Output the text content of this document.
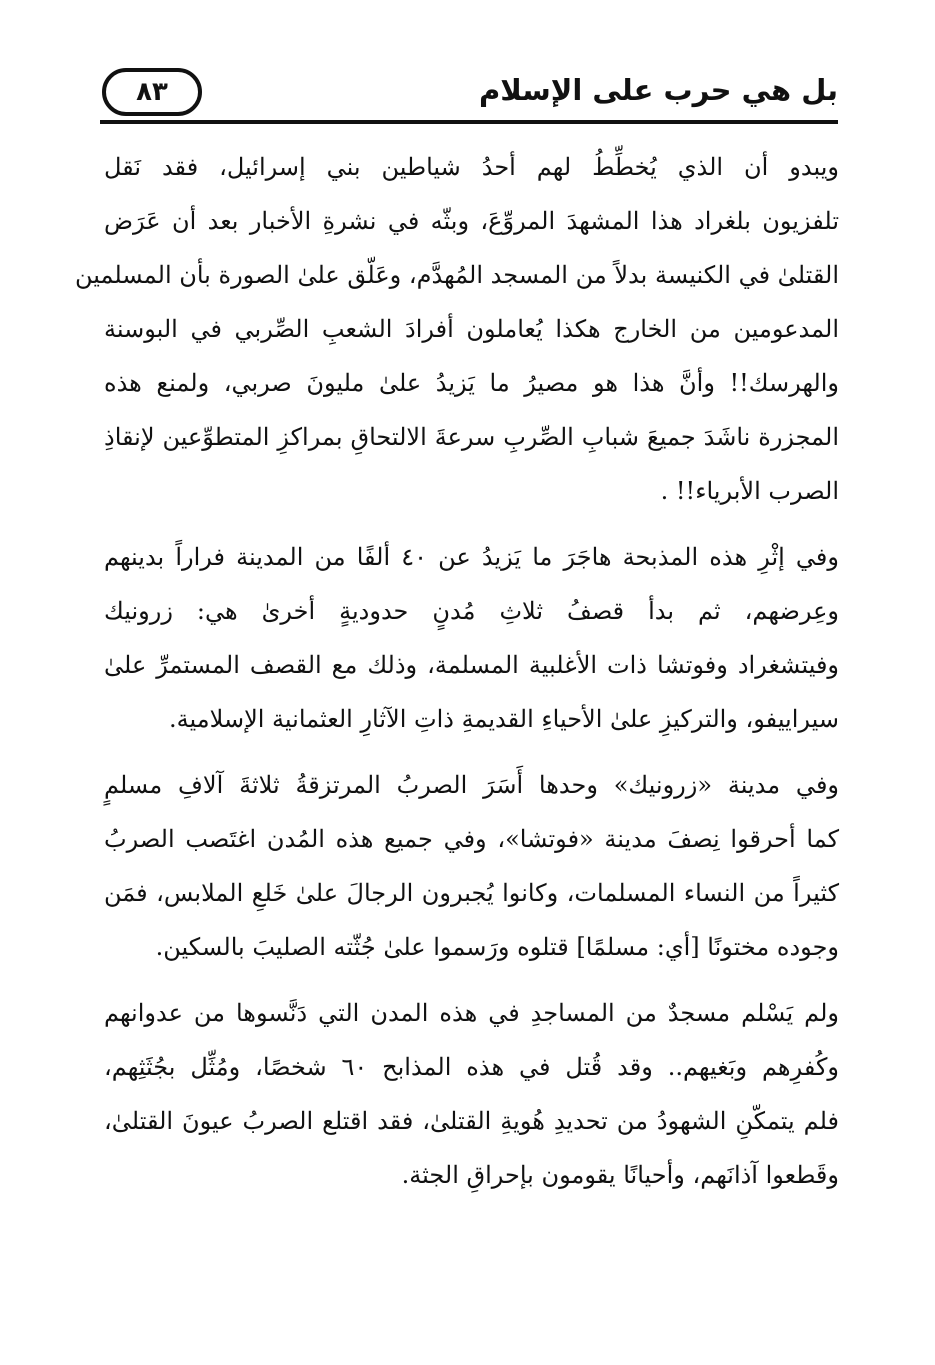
بل هي حرب على الإسلام
٨٣
ويبدو أن الذي يُخطِّطُ لهم أحدُ شياطين بني إسرائيل، فقد نَقل
تلفزيون بلغراد هذا المشهدَ المروِّعَ، وبثّه في نشرةِ الأخبار بعد أن عَرَض
القتلىٰ في الكنيسة بدلاً من المسجد المُهدَّم، وعَلّق علىٰ الصورة بأن المسلمين
المدعومين من الخارج هكذا يُعاملون أفرادَ الشعبِ الصِّربي في البوسنة
والهرسك!! وأنَّ هذا هو مصيرُ ما يَزيدُ علىٰ مليونَ صربي، ولمنع هذه
المجزرة ناشَدَ جميعَ شبابِ الصِّربِ سرعةَ الالتحاقِ بمراكزِ المتطوِّعين لإنقاذِ
الصرب الأبرياء!! .
وفي إثْرِ هذه المذبحة هاجَرَ ما يَزيدُ عن ٤٠ ألفًا من المدينة فراراً بدينهم
وعِرضهم، ثم بدأ قصفُ ثلاثِ مُدنٍ حدوديةٍ أخرىٰ هي: زرونيك
وفيتشغراد وفوتشا ذات الأغلبية المسلمة، وذلك مع القصف المستمرِّ علىٰ
سيراييفو، والتركيزِ علىٰ الأحياءِ القديمةِ ذاتِ الآثارِ العثمانية الإسلامية.
وفي مدينة «زرونيك» وحدها أَسَرَ الصربُ المرتزقةُ ثلاثةَ آلافِ مسلمٍ
كما أحرقوا نِصفَ مدينة «فوتشا»، وفي جميع هذه المُدن اغتَصب الصربُ
كثيراً من النساء المسلمات، وكانوا يُجبرون الرجالَ علىٰ خَلعِ الملابس، فمَن
وجوده مختونًا [أي: مسلمًا] قتلوه ورَسموا علىٰ جُثّته الصليبَ بالسكين.
ولم يَسْلم مسجدٌ من المساجدِ في هذه المدن التي دَنَّسوها من عدوانهم
وكُفرِهم وبَغيهم.. وقد قُتل في هذه المذابح ٦٠ شخصًا، ومُثِّل بجُثَثِهم،
فلم يتمكّنِ الشهودُ من تحديدِ هُويةِ القتلىٰ، فقد اقتلع الصربُ عيونَ القتلىٰ،
وقَطعوا آذانَهم، وأحيانًا يقومون بإحراقِ الجثة.
